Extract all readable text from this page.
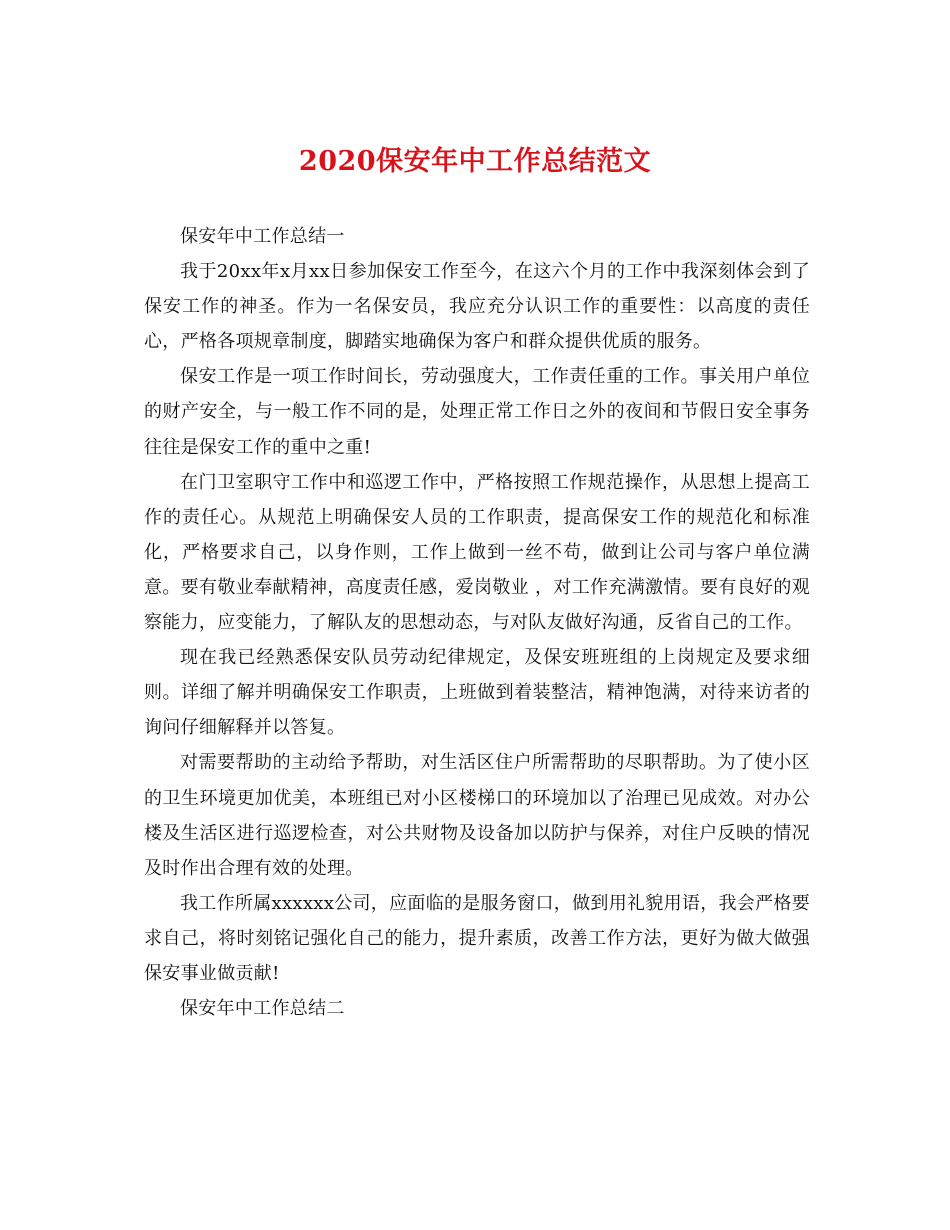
2020保安年中工作总结范文

保安年中工作总结一

我于20xx年x月xx日参加保安工作至今，在这六个月的工作中我深刻体会到了保安工作的神圣。作为一名保安员，我应充分认识工作的重要性：以高度的责任心，严格各项规章制度，脚踏实地确保为客户和群众提供优质的服务。

保安工作是一项工作时间长，劳动强度大，工作责任重的工作。事关用户单位的财产安全，与一般工作不同的是，处理正常工作日之外的夜间和节假日安全事务往往是保安工作的重中之重!

在门卫室职守工作中和巡逻工作中，严格按照工作规范操作，从思想上提高工作的责任心。从规范上明确保安人员的工作职责，提高保安工作的规范化和标准化，严格要求自己，以身作则，工作上做到一丝不苟，做到让公司与客户单位满意。要有敬业奉献精神，高度责任感，爱岗敬业 ，对工作充满激情。要有良好的观察能力，应变能力，了解队友的思想动态，与对队友做好沟通，反省自己的工作。

现在我已经熟悉保安队员劳动纪律规定，及保安班班组的上岗规定及要求细则。详细了解并明确保安工作职责，上班做到着装整洁，精神饱满，对待来访者的询问仔细解释并以答复。

对需要帮助的主动给予帮助，对生活区住户所需帮助的尽职帮助。为了使小区的卫生环境更加优美，本班组已对小区楼梯口的环境加以了治理已见成效。对办公楼及生活区进行巡逻检查，对公共财物及设备加以防护与保养，对住户反映的情况及时作出合理有效的处理。

我工作所属xxxxxx公司，应面临的是服务窗口，做到用礼貌用语，我会严格要求自己，将时刻铭记强化自己的能力，提升素质，改善工作方法，更好为做大做强保安事业做贡献!

保安年中工作总结二
